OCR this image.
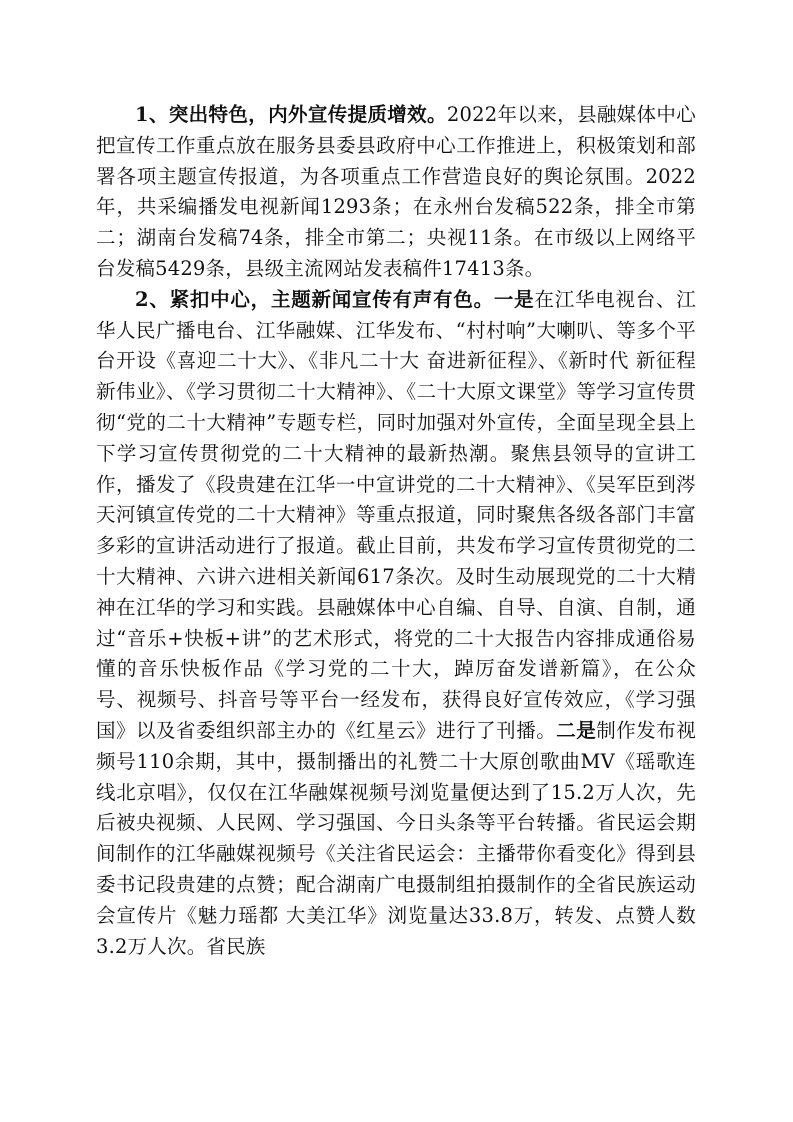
1、突出特色，内外宣传提质增效。2022年以来，县融媒体中心把宣传工作重点放在服务县委县政府中心工作推进上，积极策划和部署各项主题宣传报道，为各项重点工作营造良好的舆论氛围。2022年，共采编播发电视新闻1293条；在永州台发稿522条，排全市第二；湖南台发稿74条，排全市第二；央视11条。在市级以上网络平台发稿5429条，县级主流网站发表稿件17413条。

2、紧扣中心，主题新闻宣传有声有色。一是在江华电视台、江华人民广播电台、江华融媒、江华发布、“村村响”大喇叭、等多个平台开设《喜迎二十大》、《非凡二十大 奋进新征程》、《新时代 新征程 新伟业》、《学习贯彻二十大精神》、《二十大原文课堂》等学习宣传贯彻“党的二十大精神”专题专栏，同时加强对外宣传，全面呈现全县上下学习宣传贯彻党的二十大精神的最新热潮。聚焦县领导的宣讲工作，播发了《段贵建在江华一中宣讲党的二十大精神》、《吴军臣到涔天河镇宣传党的二十大精神》等重点报道，同时聚焦各级各部门丰富多彩的宣讲活动进行了报道。截止目前，共发布学习宣传贯彻党的二十大精神、六讲六进相关新闻617条次。及时生动展现党的二十大精神在江华的学习和实践。县融媒体中心自编、自导、自演、自制，通过“音乐+快板+讲”的艺术形式，将党的二十大报告内容排成通俗易懂的音乐快板作品《学习党的二十大，踔厉奋发谱新篇》，在公众号、视频号、抖音号等平台一经发布，获得良好宣传效应，《学习强国》以及省委组织部主办的《红星云》进行了刊播。二是制作发布视频号110余期，其中，摄制播出的礼赞二十大原创歌曲MV《瑶歌连线北京唱》，仅仅在江华融媒视频号浏览量便达到了15.2万人次，先后被央视频、人民网、学习强国、今日头条等平台转播。省民运会期间制作的江华融媒视频号《关注省民运会：主播带你看变化》得到县委书记段贵建的点赞；配合湖南广电摄制组拍摄制作的全省民族运动会宣传片《魅力瑶都 大美江华》浏览量达33.8万，转发、点赞人数3.2万人次。省民族
